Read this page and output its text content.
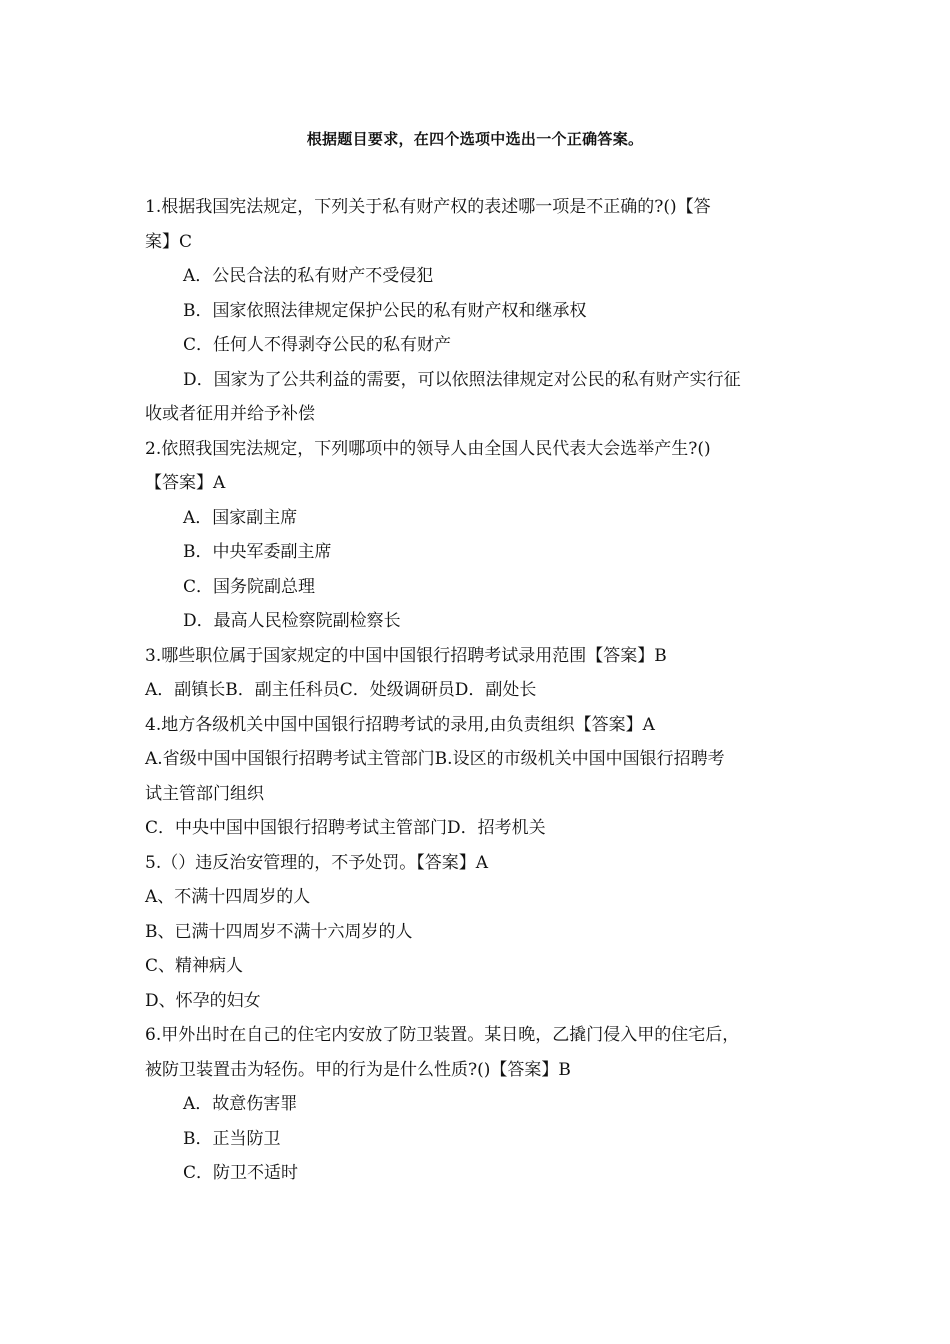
根据题目要求，在四个选项中选出一个正确答案。
1.根据我国宪法规定，下列关于私有财产权的表述哪一项是不正确的?()【答
案】C
A．公民合法的私有财产不受侵犯
B．国家依照法律规定保护公民的私有财产权和继承权
C．任何人不得剥夺公民的私有财产
D．国家为了公共利益的需要，可以依照法律规定对公民的私有财产实行征
收或者征用并给予补偿
2.依照我国宪法规定，下列哪项中的领导人由全国人民代表大会选举产生?()
【答案】A
A．国家副主席
B．中央军委副主席
C．国务院副总理
D．最高人民检察院副检察长
3.哪些职位属于国家规定的中国中国银行招聘考试录用范围【答案】B
A．副镇长B．副主任科员C．处级调研员D．副处长
4.地方各级机关中国中国银行招聘考试的录用,由负责组织【答案】A
A.省级中国中国银行招聘考试主管部门B.设区的市级机关中国中国银行招聘考
试主管部门组织
C．中央中国中国银行招聘考试主管部门D．招考机关
5.（）违反治安管理的，不予处罚。【答案】A
A、不满十四周岁的人
B、已满十四周岁不满十六周岁的人
C、精神病人
D、怀孕的妇女
6.甲外出时在自己的住宅内安放了防卫装置。某日晚，乙撬门侵入甲的住宅后，
被防卫装置击为轻伤。甲的行为是什么性质?()【答案】B
A．故意伤害罪
B．正当防卫
C．防卫不适时
